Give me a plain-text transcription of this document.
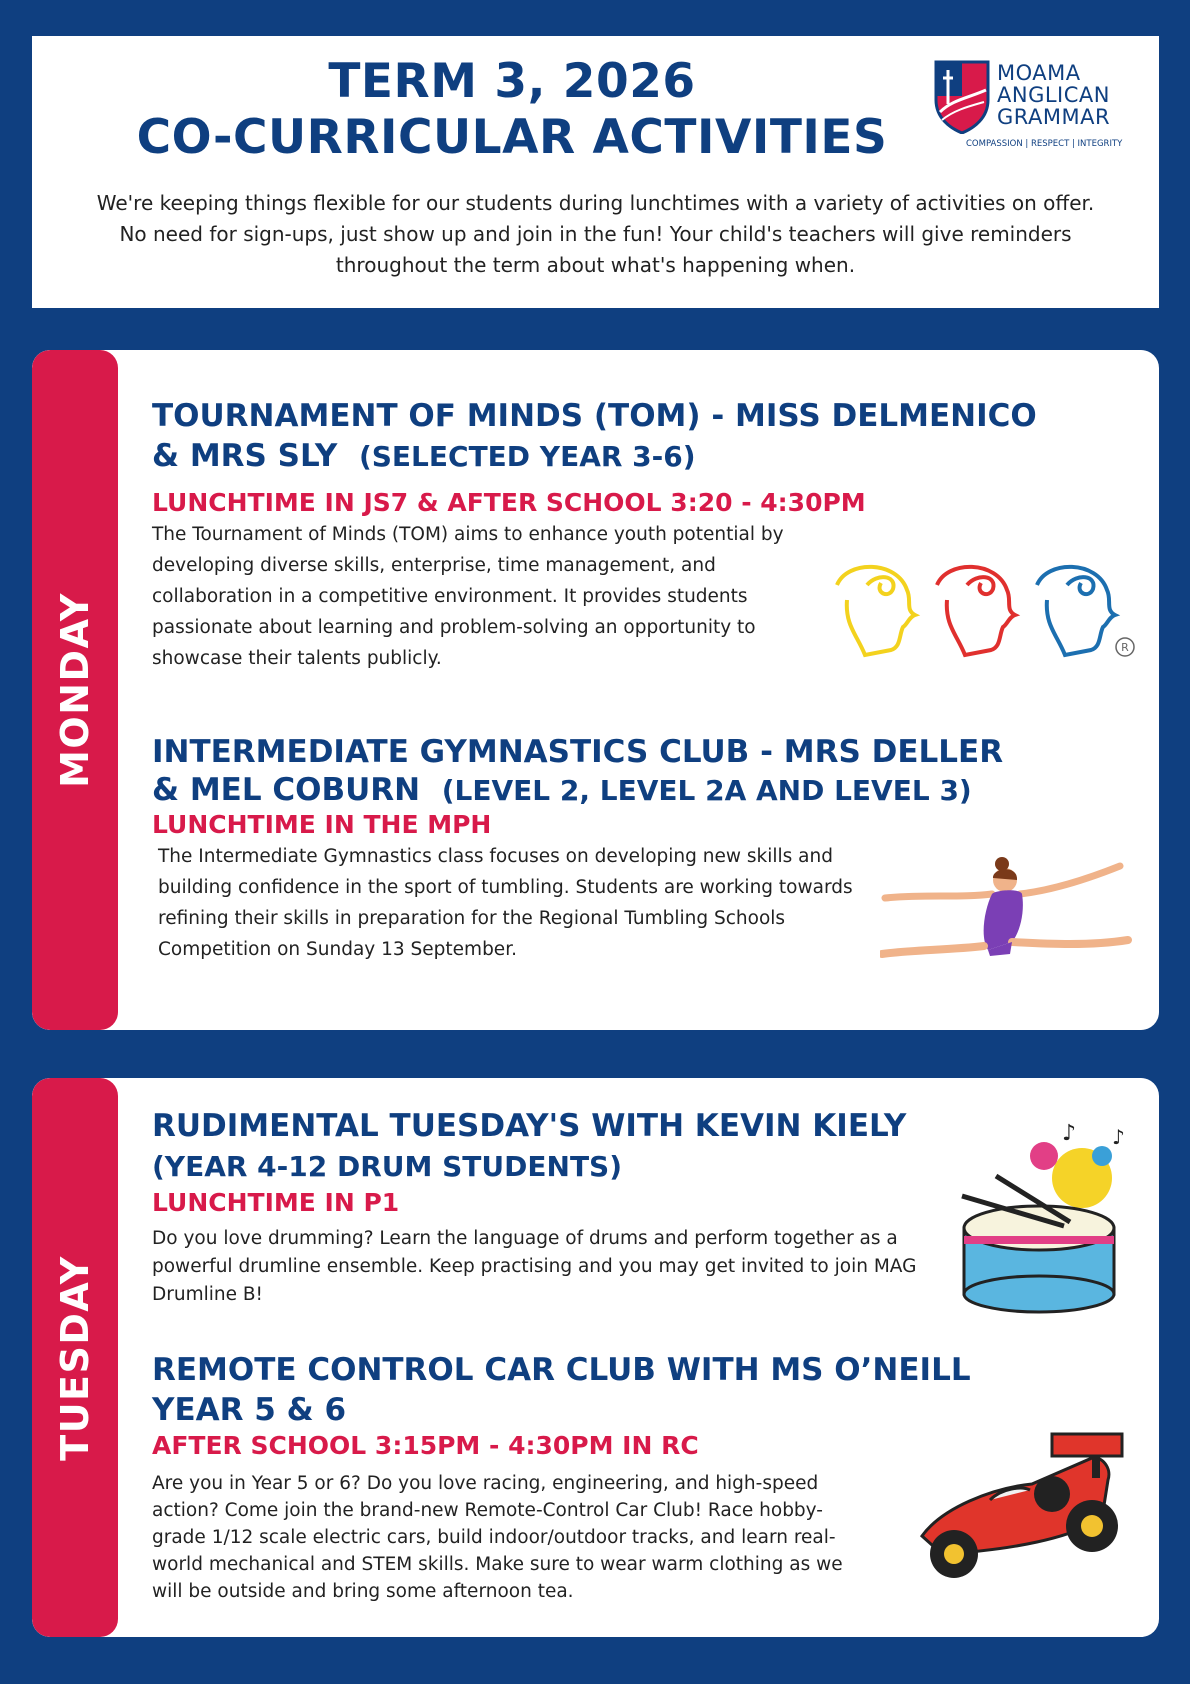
TERM 3, 2026
CO-CURRICULAR ACTIVITIES
MOAMA
ANGLICAN
GRAMMAR
COMPASSION | RESPECT | INTEGRITY
We're keeping things flexible for our students during lunchtimes with a variety of activities on offer. No need for sign-ups, just show up and join in the fun! Your child's teachers will give reminders throughout the term about what's happening when.
MONDAY

TOURNAMENT OF MINDS (TOM) - MISS DELMENICO

& MRS SLY (SELECTED YEAR 3-6)

LUNCHTIME IN JS7 & AFTER SCHOOL 3:20 - 4:30PM

The Tournament of Minds (TOM) aims to enhance youth potential by developing diverse skills, enterprise, time management, and collaboration in a competitive environment. It provides students passionate about learning and problem-solving an opportunity to showcase their talents publicly.

R

INTERMEDIATE GYMNASTICS CLUB - MRS DELLER

& MEL COBURN (LEVEL 2, LEVEL 2A AND LEVEL 3)

LUNCHTIME IN THE MPH

The Intermediate Gymnastics class focuses on developing new skills and building confidence in the sport of tumbling. Students are working towards refining their skills in preparation for the Regional Tumbling Schools Competition on Sunday 13 September.

TUESDAY

RUDIMENTAL TUESDAY'S WITH KEVIN KIELY

(YEAR 4-12 DRUM STUDENTS)

LUNCHTIME IN P1

Do you love drumming? Learn the language of drums and perform together as a powerful drumline ensemble. Keep practising and you may get invited to join MAG Drumline B!

♪ ♪

REMOTE CONTROL CAR CLUB WITH MS O’NEILL

YEAR 5 & 6

AFTER SCHOOL 3:15PM - 4:30PM IN RC

Are you in Year 5 or 6? Do you love racing, engineering, and high-speed action? Come join the brand-new Remote-Control Car Club! Race hobby-grade 1/12 scale electric cars, build indoor/outdoor tracks, and learn real-world mechanical and STEM skills. Make sure to wear warm clothing as we will be outside and bring some afternoon tea.
